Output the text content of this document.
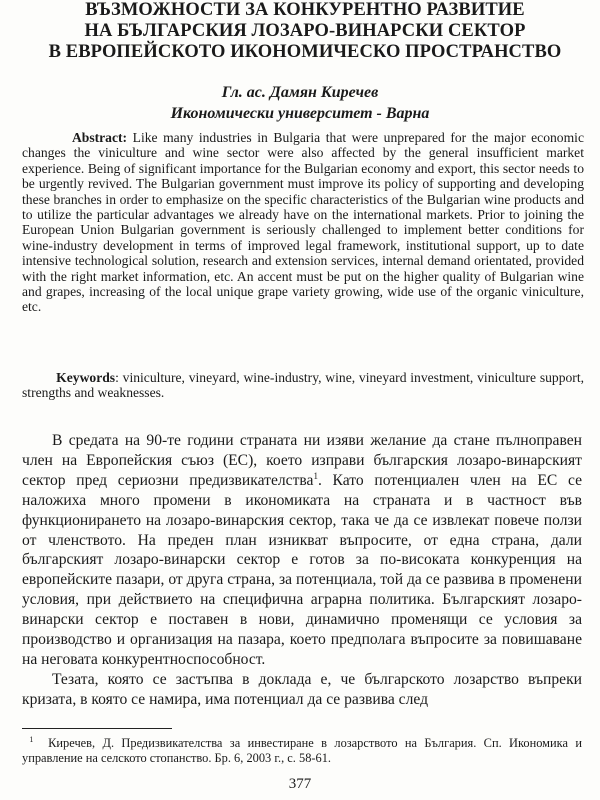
ВЪЗМОЖНОСТИ ЗА КОНКУРЕНТНО РАЗВИТИЕ
НА БЪЛГАРСКИЯ ЛОЗАРО-ВИНАРСКИ СЕКТОР
В ЕВРОПЕЙСКОТО ИКОНОМИЧЕСКО ПРОСТРАНСТВО
Гл. ас. Дамян Киречев
Икономически университет - Варна
Abstract: Like many industries in Bulgaria that were unprepared for the major economic changes the viniculture and wine sector were also affected by the general insufficient market experience. Being of significant importance for the Bulgarian economy and export, this sector needs to be urgently revived. The Bulgarian government must improve its policy of supporting and developing these branches in order to emphasize on the specific characteristics of the Bulgarian wine products and to utilize the particular advantages we already have on the international markets. Prior to joining the European Union Bulgarian government is seriously challenged to implement better conditions for wine-industry development in terms of improved legal framework, institutional support, up to date intensive technological solution, research and extension services, internal demand orientated, provided with the right market information, etc. An accent must be put on the higher quality of Bulgarian wine and grapes, increasing of the local unique grape variety growing, wide use of the organic viniculture, etc.
Keywords: viniculture, vineyard, wine-industry, wine, vineyard investment, viniculture support, strengths and weaknesses.

В средата на 90-те години страната ни изяви желание да стане пълноправен член на Европейския съюз (ЕС), което изправи българския лозаро-винарският сектор пред сериозни предизвикателства$^1$. Като потенциален член на ЕС се наложиха много промени в икономиката на страната и в частност във функционирането на лозаро-винарския сектор, така че да се извлекат повече ползи от членството. На преден план изникват въпросите, от една страна, дали българският лозаро-винарски сектор е готов за по-високата конкуренция на европейските пазари, от друга страна, за потенциала, той да се развива в променени условия, при действието на специфична аграрна политика. Българският лозаро-винарски сектор е поставен в нови, динамично променящи се условия за производство и организация на пазара, което предполага въпросите за повишаване на неговата конкурентноспособност.

Тезата, която се застъпва в доклада е, че българското лозарство въпреки кризата, в която се намира, има потенциал да се развива след

$^1$ Киречев, Д. Предизвикателства за инвестиране в лозарството на България. Сп. Икономика и управление на селското стопанство. Бр. 6, 2003 г., с. 58-61.
377
